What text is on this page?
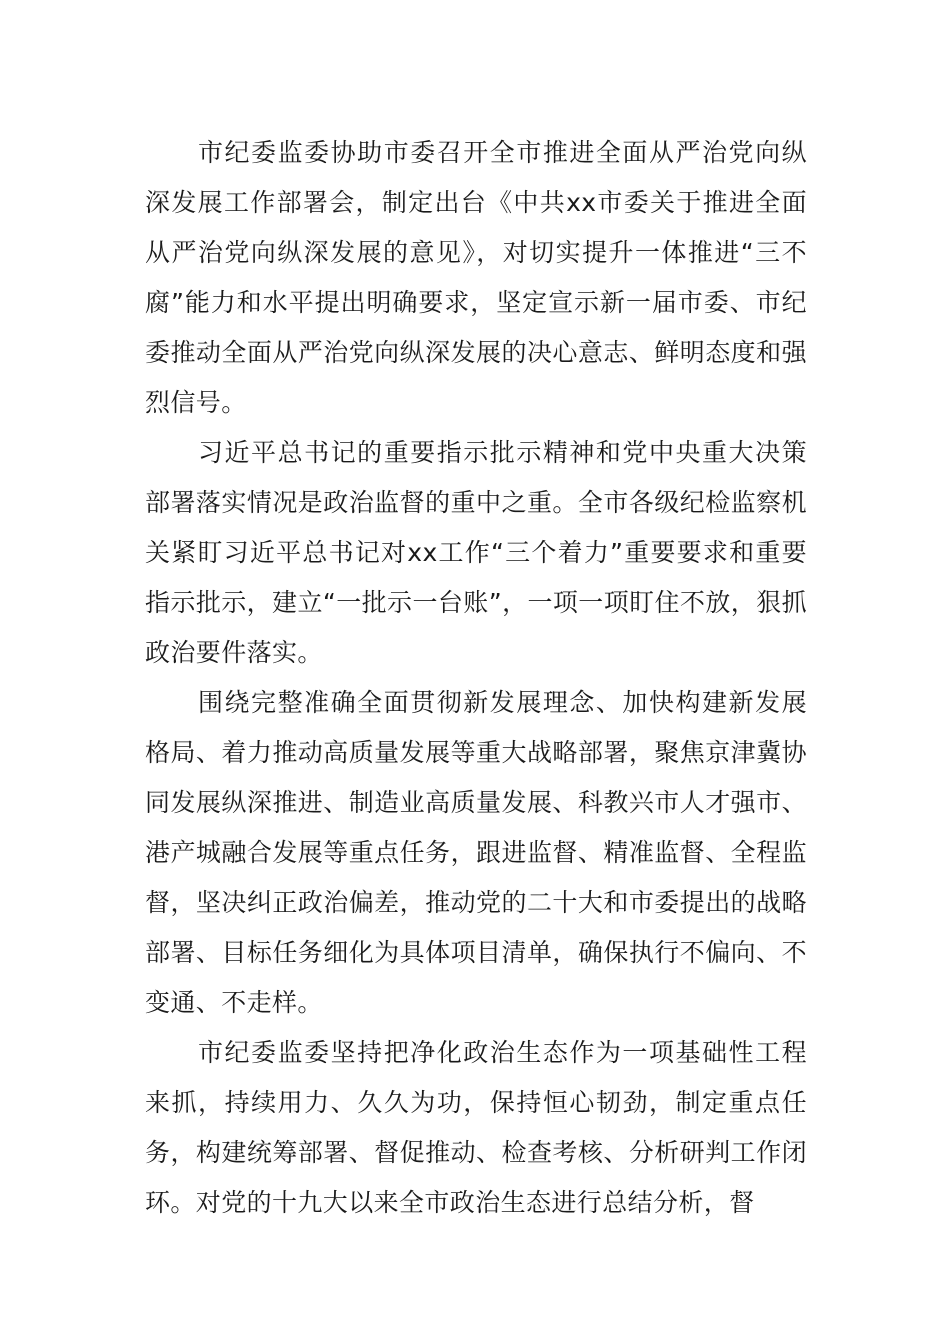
市纪委监委协助市委召开全市推进全面从严治党向纵深发展工作部署会，制定出台《中共xx市委关于推进全面从严治党向纵深发展的意见》，对切实提升一体推进“三不腐”能力和水平提出明确要求，坚定宣示新一届市委、市纪委推动全面从严治党向纵深发展的决心意志、鲜明态度和强烈信号。

习近平总书记的重要指示批示精神和党中央重大决策部署落实情况是政治监督的重中之重。全市各级纪检监察机关紧盯习近平总书记对xx工作“三个着力”重要要求和重要指示批示，建立“一批示一台账”，一项一项盯住不放，狠抓政治要件落实。

围绕完整准确全面贯彻新发展理念、加快构建新发展格局、着力推动高质量发展等重大战略部署，聚焦京津冀协同发展纵深推进、制造业高质量发展、科教兴市人才强市、港产城融合发展等重点任务，跟进监督、精准监督、全程监督，坚决纠正政治偏差，推动党的二十大和市委提出的战略部署、目标任务细化为具体项目清单，确保执行不偏向、不变通、不走样。

市纪委监委坚持把净化政治生态作为一项基础性工程来抓，持续用力、久久为功，保持恒心韧劲，制定重点任务，构建统筹部署、督促推动、检查考核、分析研判工作闭环。对党的十九大以来全市政治生态进行总结分析，督
